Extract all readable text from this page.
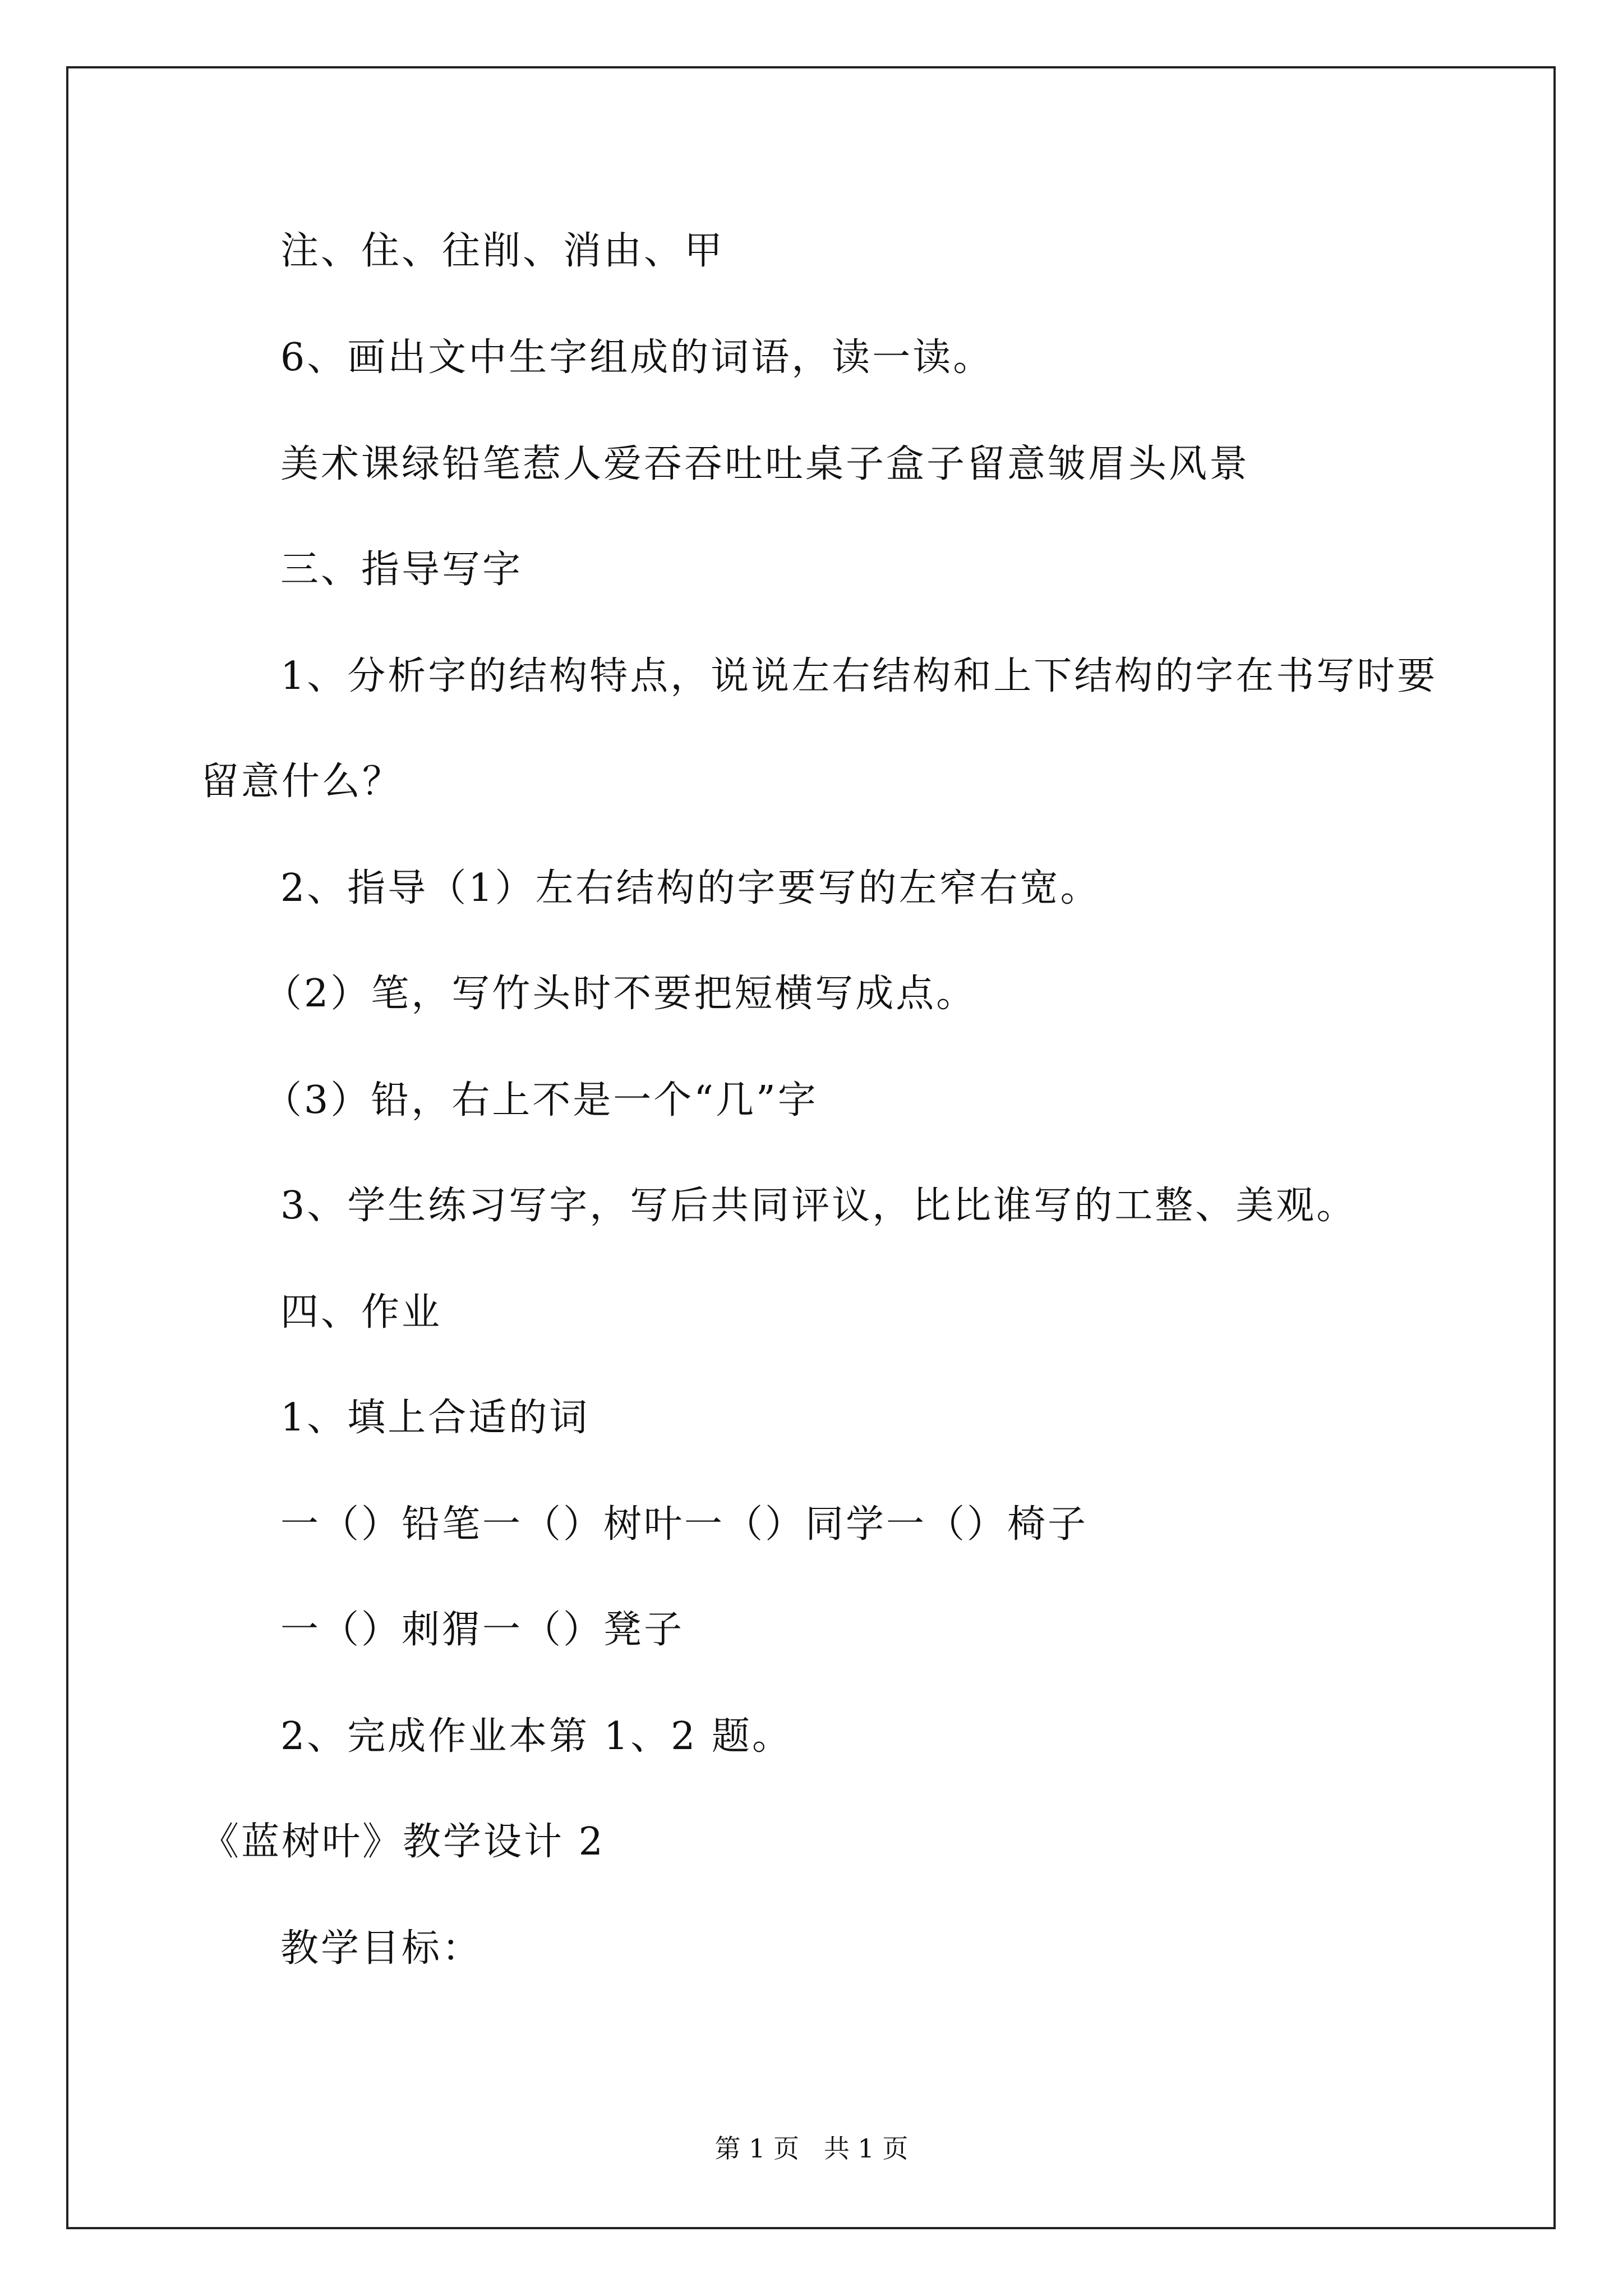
注、住、往削、消由、甲
6、画出文中生字组成的词语，读一读。
美术课绿铅笔惹人爱吞吞吐吐桌子盒子留意皱眉头风景
三、指导写字
1、分析字的结构特点，说说左右结构和上下结构的字在书写时要
留意什么？
2、指导（1）左右结构的字要写的左窄右宽。
（2）笔，写竹头时不要把短横写成点。
（3）铅，右上不是一个“几”字
3、学生练习写字，写后共同评议，比比谁写的工整、美观。
四、作业
1、填上合适的词
一（）铅笔一（）树叶一（）同学一（）椅子
一（）刺猬一（）凳子
2、完成作业本第 1、2 题。
《蓝树叶》教学设计 2
教学目标：
第 1 页   共 1 页
